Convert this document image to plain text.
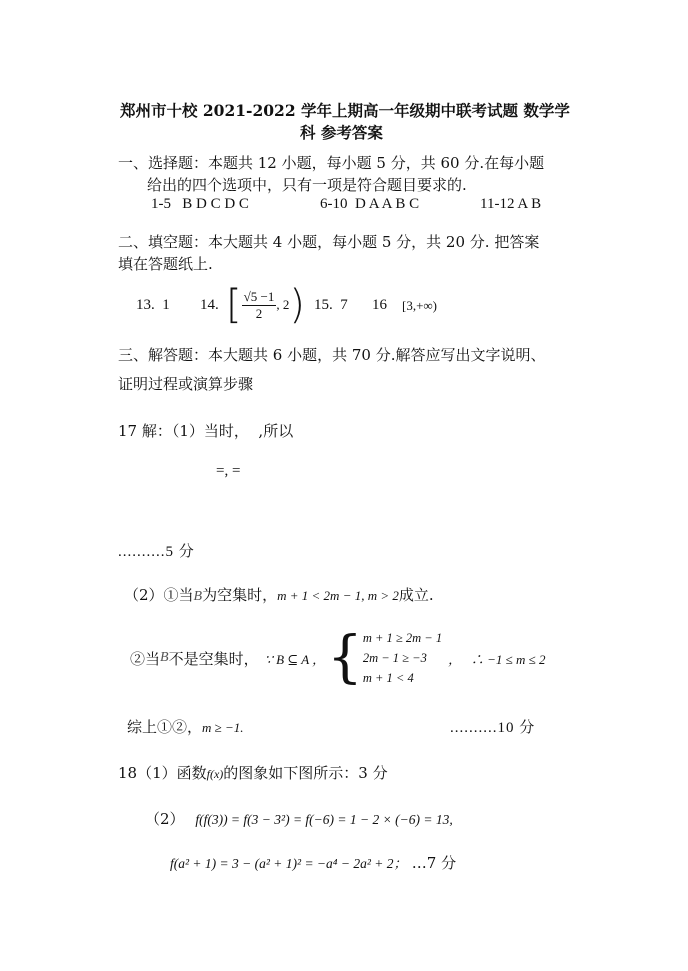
郑州市十校 2021-2022 学年上期高一年级期中联考试题 数学学
科 参考答案
一、选择题：本题共 12 小题，每小题 5 分，共 60 分.在每小题
给出的四个选项中，只有一项是符合题目要求的.
1-5   B D C D C	6-10  D A A B C	11-12 A B
二、填空题：本大题共 4 小题，每小题 5 分，共 20 分. 把答案
填在答题纸上.
13.  1 14. [ $\frac{√5 -1}{2}$ , 2 ) 15.  7 16 [3,+∞)
三、解答题：本大题共 6 小题，共 70 分.解答应写出文字说明、
证明过程或演算步骤
17 解：（1）当时，  ,所以
=, =
..........5 分
（2）①当B为空集时，m + 1 < 2m − 1, m > 2成立.
②当 B 不是空集时， ∵ B ⊆ A ， { m + 1 ≥ 2m − 1
2m − 1 ≥ −3
m + 1 < 4
，   ∴ −1 ≤ m ≤ 2
综上①②，m ≥ −1.	..........10 分
18（1）函数f(x)的图象如下图所示：3 分
（2） f(f(3)) = f(3 − 3²) = f(−6) = 1 − 2 × (−6) = 13,
f(a² + 1) = 3 − (a² + 1)² = −a⁴ − 2a² + 2； …7 分
